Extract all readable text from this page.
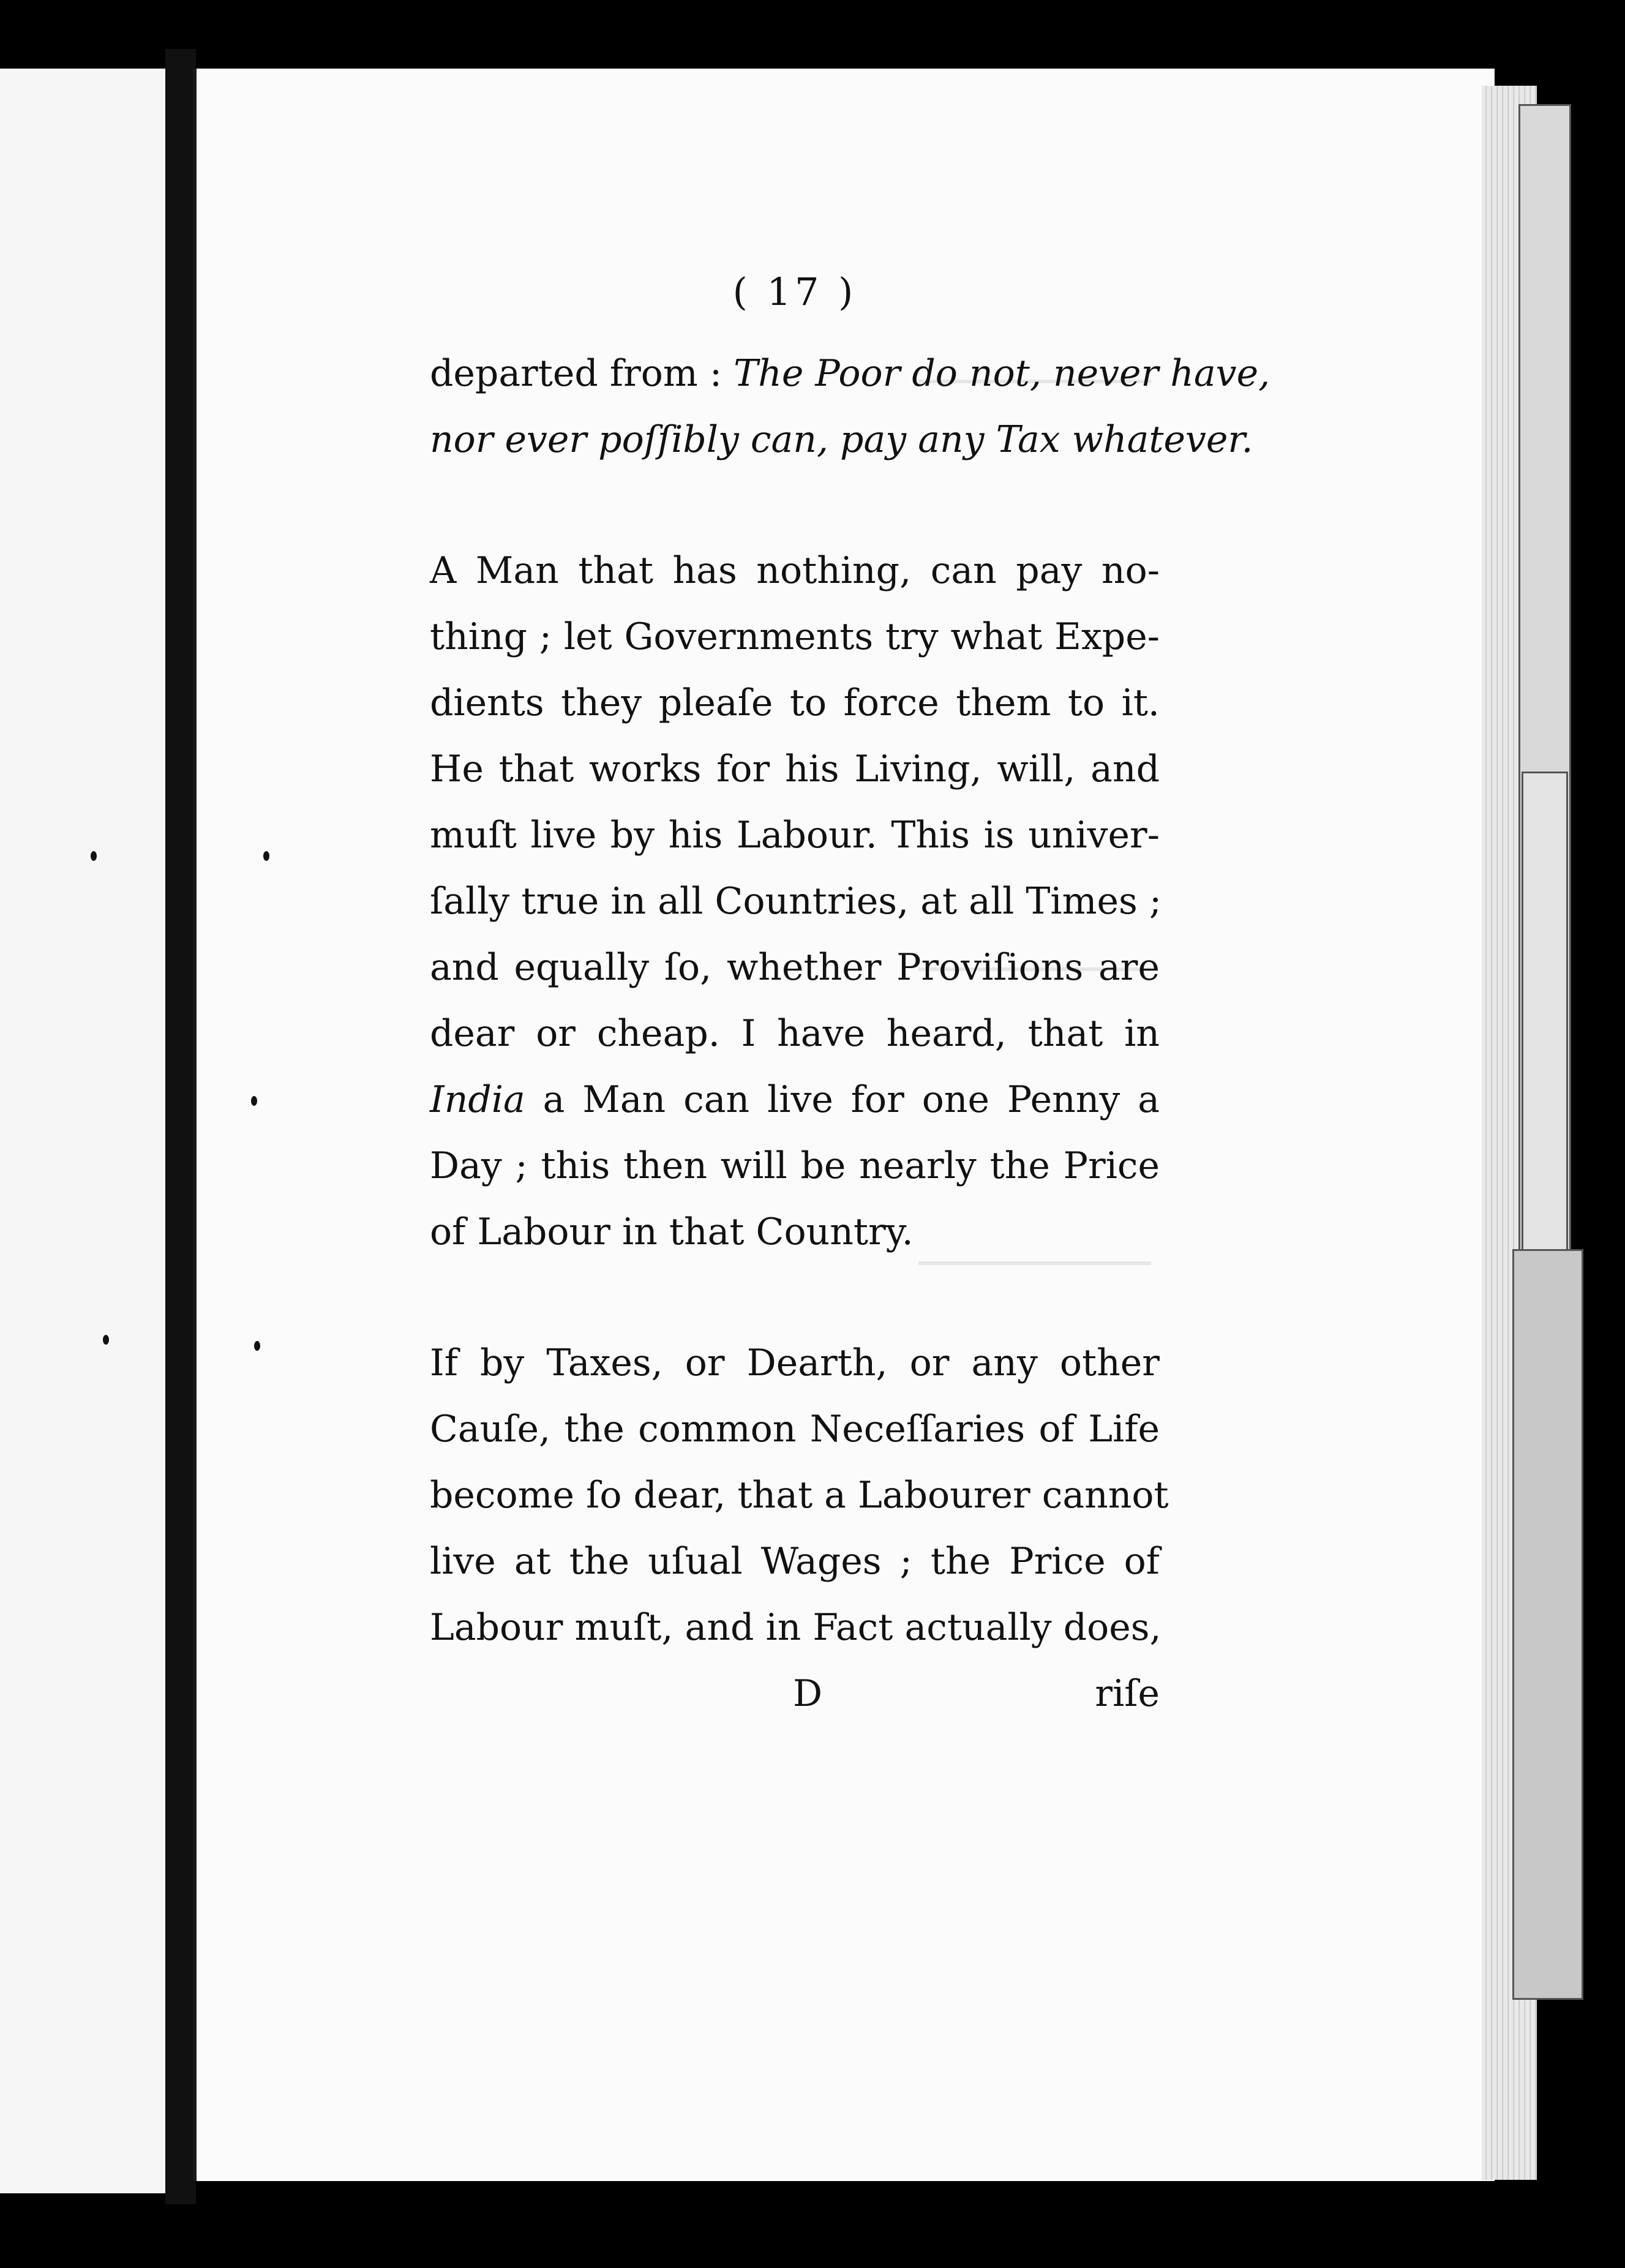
( 17 )
departed from : The Poor do not, never have,
nor ever poſſibly can, pay any Tax whatever.
A Man that has nothing, can pay no-
thing ; let Governments try what Expe-
dients they pleaſe to force them to it.
He that works for his Living, will, and
muſt live by his Labour. This is univer-
ſally true in all Countries, at all Times ;
and equally ſo, whether Proviſions are
dear or cheap. I have heard, that in
India a Man can live for one Penny a
Day ; this then will be nearly the Price
of Labour in that Country.
If by Taxes, or Dearth, or any other
Cauſe, the common Neceſſaries of Life
become ſo dear, that a Labourer cannot
live at the uſual Wages ; the Price of
Labour muſt, and in Fact actually does,
D	riſe
